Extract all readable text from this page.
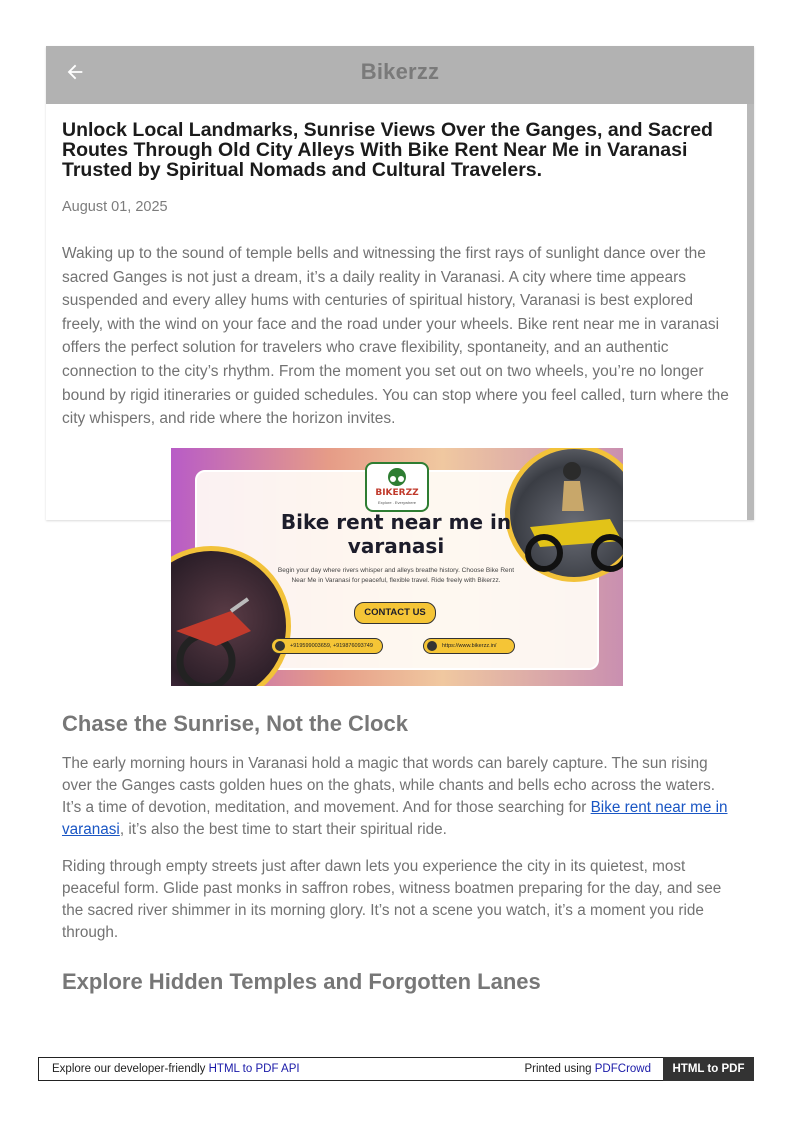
Bikerzz
Unlock Local Landmarks, Sunrise Views Over the Ganges, and Sacred Routes Through Old City Alleys With Bike Rent Near Me in Varanasi Trusted by Spiritual Nomads and Cultural Travelers.
August 01, 2025

Waking up to the sound of temple bells and witnessing the first rays of sunlight dance over the sacred Ganges is not just a dream, it’s a daily reality in Varanasi. A city where time appears suspended and every alley hums with centuries of spiritual history, Varanasi is best explored freely, with the wind on your face and the road under your wheels. Bike rent near me in varanasi offers the perfect solution for travelers who crave flexibility, spontaneity, and an authentic connection to the city’s rhythm. From the moment you set out on two wheels, you’re no longer bound by rigid itineraries or guided schedules. You can stop where you feel called, turn where the city whispers, and ride where the horizon invites.

BIKERZZ
Explore . Everywhere
Bike rent near me in varanasi
Begin your day where rivers whisper and alleys breathe history. Choose Bike Rent Near Me in Varanasi for peaceful, flexible travel. Ride freely with Bikerzz.
CONTACT US
+919599003659, +919876093749	https://www.bikerzz.in/
Chase the Sunrise, Not the Clock

The early morning hours in Varanasi hold a magic that words can barely capture. The sun rising over the Ganges casts golden hues on the ghats, while chants and bells echo across the waters. It’s a time of devotion, meditation, and movement. And for those searching for Bike rent near me in varanasi, it’s also the best time to start their spiritual ride.

Riding through empty streets just after dawn lets you experience the city in its quietest, most peaceful form. Glide past monks in saffron robes, witness boatmen preparing for the day, and see the sacred river shimmer in its morning glory. It’s not a scene you watch, it’s a moment you ride through.

Explore Hidden Temples and Forgotten Lanes
Explore our developer-friendly HTML to PDF API	Printed using PDFCrowd	HTML to PDF
